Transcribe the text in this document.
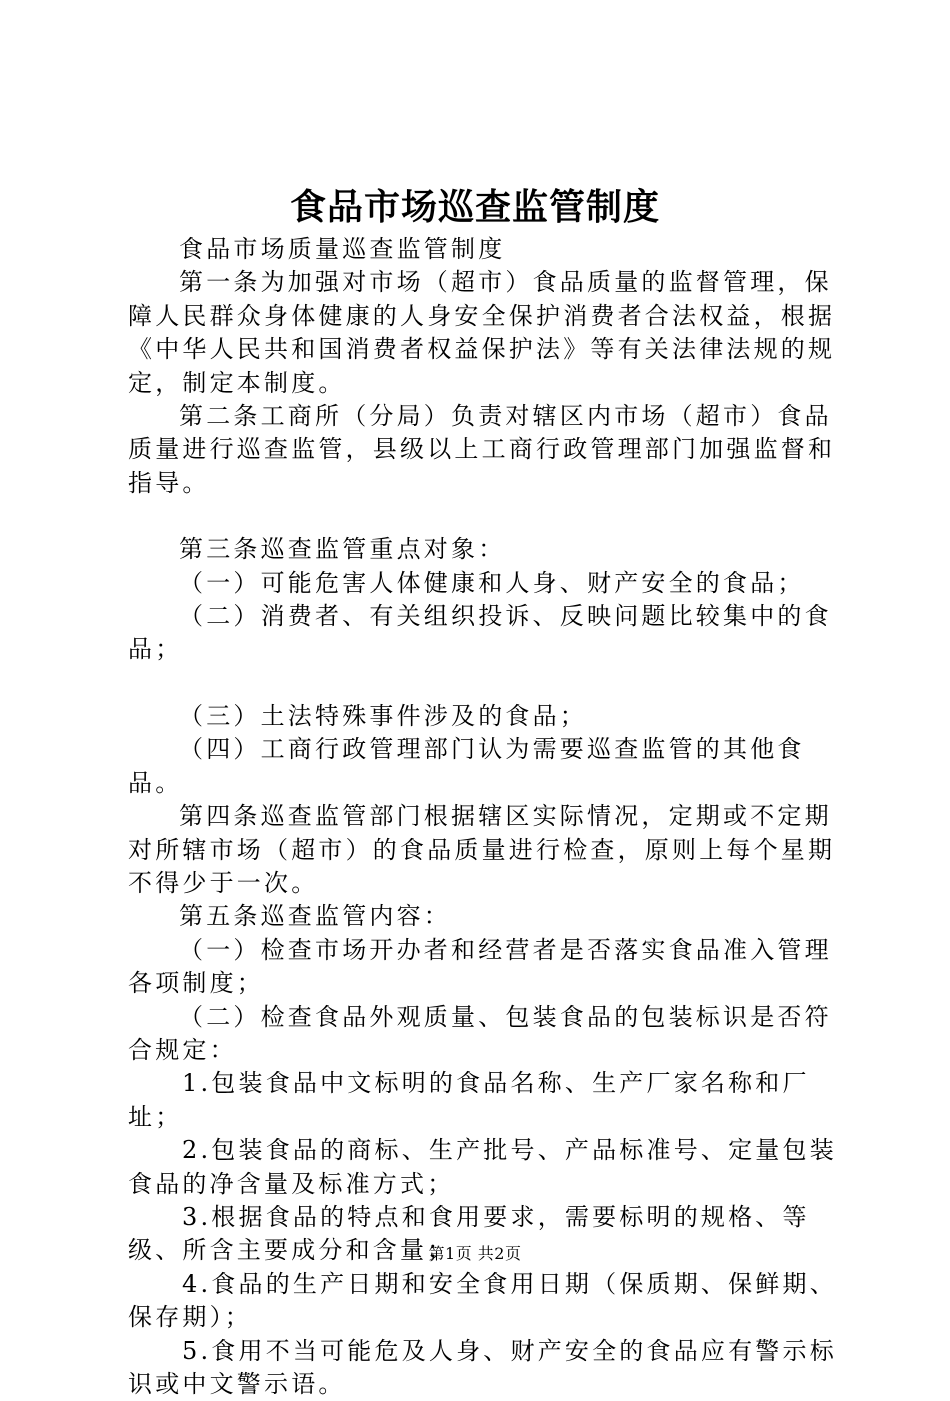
食品市场巡查监管制度

食品市场质量巡查监管制度

第一条为加强对市场（超市）食品质量的监督管理，保障人民群众身体健康的人身安全保护消费者合法权益，根据《中华人民共和国消费者权益保护法》等有关法律法规的规定，制定本制度。

第二条工商所（分局）负责对辖区内市场（超市）食品质量进行巡查监管，县级以上工商行政管理部门加强监督和指导。

第三条巡查监管重点对象：

（一）可能危害人体健康和人身、财产安全的食品；

（二）消费者、有关组织投诉、反映问题比较集中的食品；

（三）土法特殊事件涉及的食品；

（四）工商行政管理部门认为需要巡查监管的其他食品。

第四条巡查监管部门根据辖区实际情况，定期或不定期对所辖市场（超市）的食品质量进行检查，原则上每个星期不得少于一次。

第五条巡查监管内容：

（一）检查市场开办者和经营者是否落实食品准入管理各项制度；

（二）检查食品外观质量、包装食品的包装标识是否符合规定：

1.包装食品中文标明的食品名称、生产厂家名称和厂址；

2.包装食品的商标、生产批号、产品标准号、定量包装食品的净含量及标准方式；

3.根据食品的特点和食用要求，需要标明的规格、等级、所含主要成分和含量；

4.食品的生产日期和安全食用日期（保质期、保鲜期、保存期）；

5.食用不当可能危及人身、财产安全的食品应有警示标识或中文警示语。

第1页 共2页
